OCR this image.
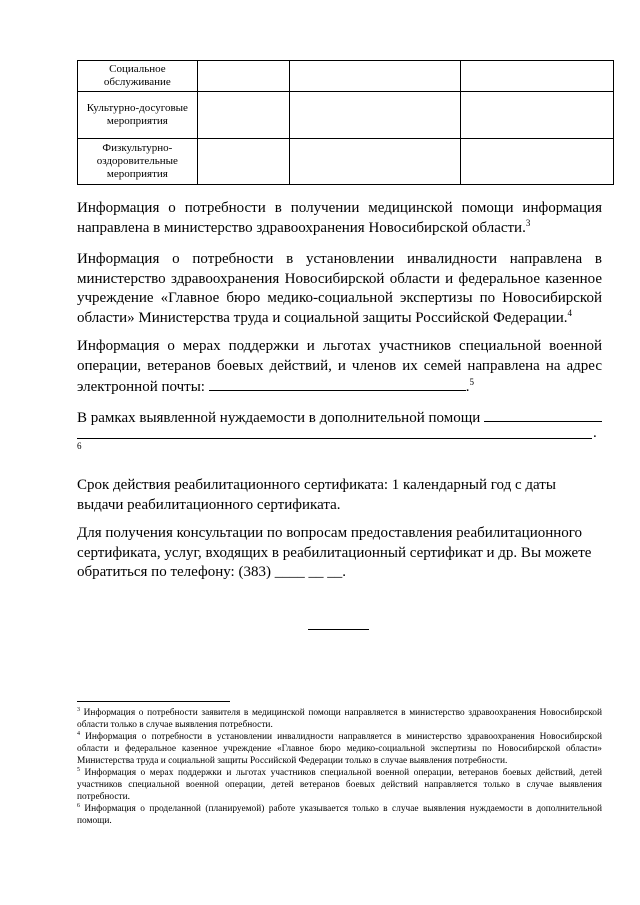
Социальное обслуживание			
Культурно-досуговые мероприятия			
Физкультурно-оздоровительные мероприятия			
Информация о потребности в получении медицинской помощи информация направлена в министерство здравоохранения Новосибирской области.$^3$
Информация о потребности в установлении инвалидности направлена в министерство здравоохранения Новосибирской области и федеральное казенное учреждение «Главное бюро медико-социальной экспертизы по Новосибирской области» Министерства труда и социальной защиты Российской Федерации.$^4$
Информация о мерах поддержки и льготах участников специальной военной операции, ветеранов боевых действий, и членов их семей направлена на адрес электронной почты:	.$^5$
В рамках выявленной нуждаемости в дополнительной помощи
.
6
Срок действия реабилитационного сертификата: 1 календарный год с даты выдачи реабилитационного сертификата.
Для получения консультации по вопросам предоставления реабилитационного сертификата, услуг, входящих в реабилитационный сертификат и др. Вы можете обратиться по телефону: (383) ____ __ __.

$^3$ Информация о потребности заявителя в медицинской помощи направляется в министерство здравоохранения Новосибирской области только в случае выявления потребности.

$^4$ Информация о потребности в установлении инвалидности направляется в министерство здравоохранения Новосибирской области и федеральное казенное учреждение «Главное бюро медико-социальной экспертизы по Новосибирской области» Министерства труда и социальной защиты Российской Федерации только в случае выявления потребности.

$^5$ Информация о мерах поддержки и льготах участников специальной военной операции, ветеранов боевых действий, детей участников специальной военной операции, детей ветеранов боевых действий направляется только в случае выявления потребности.

$^6$ Информация о проделанной (планируемой) работе указывается только в случае выявления нуждаемости в дополнительной помощи.
